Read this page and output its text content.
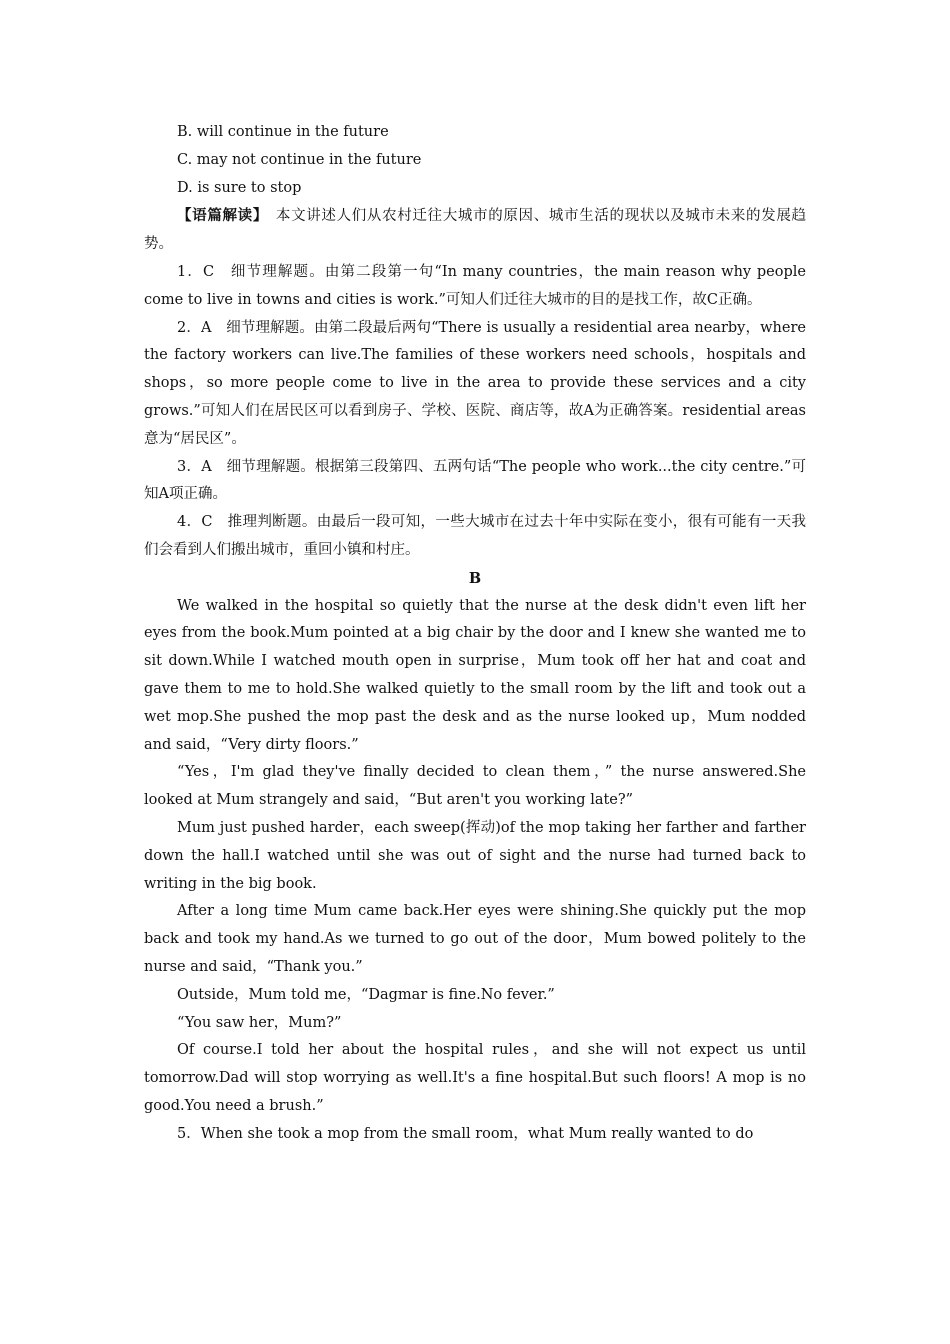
B. will continue in the future

C. may not continue in the future

D. is sure to stop

【语篇解读】　本文讲述人们从农村迁往大城市的原因、城市生活的现状以及城市未来的发展趋势。

1．C　细节理解题。由第二段第一句“In many countries，the main reason why people come to live in towns and cities is work.”可知人们迁往大城市的目的是找工作，故C正确。

2．A　细节理解题。由第二段最后两句“There is usually a residential area nearby，where the factory workers can live.The families of these workers need schools，hospitals and shops，so more people come to live in the area to provide these services and a city grows.”可知人们在居民区可以看到房子、学校、医院、商店等，故A为正确答案。residential areas意为“居民区”。

3．A　细节理解题。根据第三段第四、五两句话“The people who work...the city centre.”可知A项正确。

4．C　推理判断题。由最后一段可知，一些大城市在过去十年中实际在变小，很有可能有一天我们会看到人们搬出城市，重回小镇和村庄。

B

We walked in the hospital so quietly that the nurse at the desk didn't even lift her eyes from the book.Mum pointed at a big chair by the door and I knew she wanted me to sit down.While I watched mouth open in surprise，Mum took off her hat and coat and gave them to me to hold.She walked quietly to the small room by the lift and took out a wet mop.She pushed the mop past the desk and as the nurse looked up，Mum nodded and said，“Very dirty floors.”

“Yes，I'm glad they've finally decided to clean them，” the nurse answered.She looked at Mum strangely and said，“But aren't you working late?”

Mum just pushed harder，each sweep(挥动)of the mop taking her farther and farther down the hall.I watched until she was out of sight and the nurse had turned back to writing in the big book.

After a long time Mum came back.Her eyes were shining.She quickly put the mop back and took my hand.As we turned to go out of the door，Mum bowed politely to the nurse and said，“Thank you.”

Outside，Mum told me，“Dagmar is fine.No fever.”

“You saw her，Mum?”

Of course.I told her about the hospital rules，and she will not expect us until tomorrow.Dad will stop worrying as well.It's a fine hospital.But such floors! A mop is no good.You need a brush.”

5．When she took a mop from the small room，what Mum really wanted to do
